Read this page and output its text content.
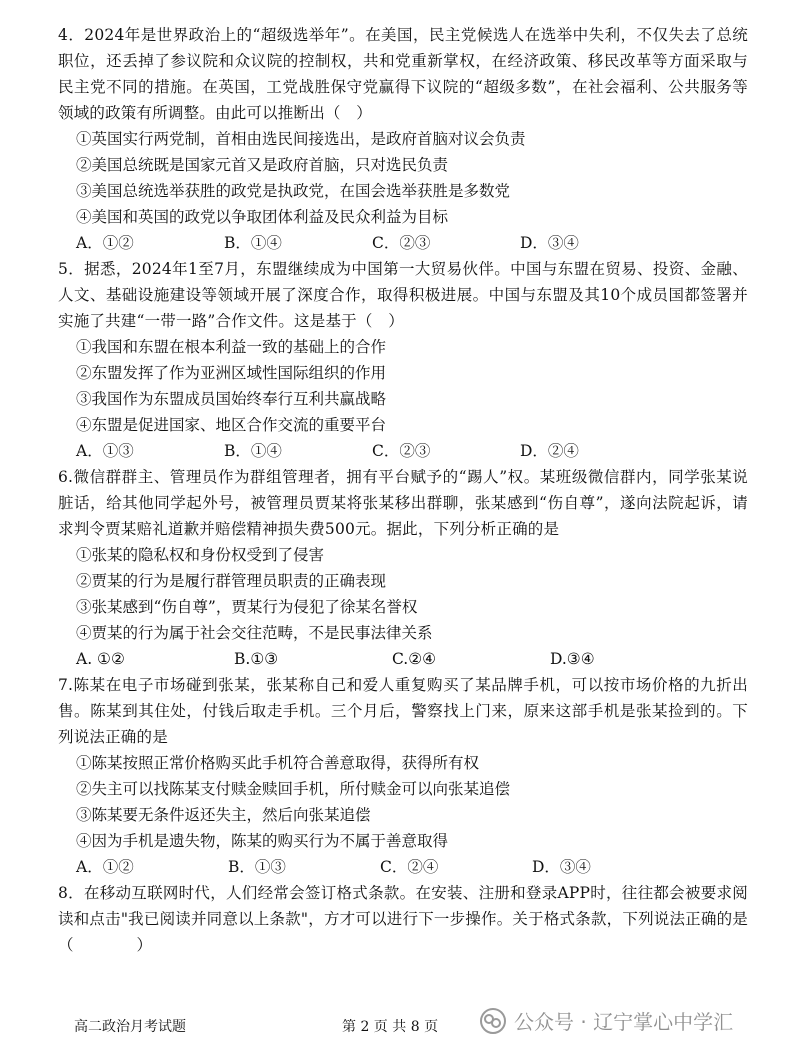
4．2024年是世界政治上的“超级选举年”。在美国，民主党候选人在选举中失利，不仅失去了总统职位，还丢掉了参议院和众议院的控制权，共和党重新掌权，在经济政策、移民改革等方面采取与民主党不同的措施。在英国，工党战胜保守党赢得下议院的“超级多数”，在社会福利、公共服务等领域的政策有所调整。由此可以推断出（　）

①英国实行两党制，首相由选民间接选出，是政府首脑对议会负责

②美国总统既是国家元首又是政府首脑，只对选民负责

③美国总统选举获胜的政党是执政党，在国会选举获胜是多数党

④美国和英国的政党以争取团体利益及民众利益为目标

A．①②	B．①④	C．②③	D．③④

5．据悉，2024年1至7月，东盟继续成为中国第一大贸易伙伴。中国与东盟在贸易、投资、金融、人文、基础设施建设等领域开展了深度合作，取得积极进展。中国与东盟及其10个成员国都签署并实施了共建“一带一路”合作文件。这是基于（　）

①我国和东盟在根本利益一致的基础上的合作

②东盟发挥了作为亚洲区域性国际组织的作用

③我国作为东盟成员国始终奉行互利共赢战略

④东盟是促进国家、地区合作交流的重要平台

A．①③	B．①④	C．②③	D．②④

6.微信群群主、管理员作为群组管理者，拥有平台赋予的“踢人”权。某班级微信群内，同学张某说脏话，给其他同学起外号，被管理员贾某将张某移出群聊，张某感到“伤自尊”，遂向法院起诉，请求判令贾某赔礼道歉并赔偿精神损失费500元。据此，下列分析正确的是

①张某的隐私权和身份权受到了侵害

②贾某的行为是履行群管理员职责的正确表现

③张某感到“伤自尊”，贾某行为侵犯了徐某名誉权

④贾某的行为属于社会交往范畴，不是民事法律关系

A. ①②	B.①③	C.②④	D.③④

7.陈某在电子市场碰到张某，张某称自己和爱人重复购买了某品牌手机，可以按市场价格的九折出售。陈某到其住处，付钱后取走手机。三个月后，警察找上门来，原来这部手机是张某捡到的。下列说法正确的是

①陈某按照正常价格购买此手机符合善意取得，获得所有权

②失主可以找陈某支付赎金赎回手机，所付赎金可以向张某追偿

③陈某要无条件返还失主，然后向张某追偿

④因为手机是遗失物，陈某的购买行为不属于善意取得

A．①②	B．①③	C．②④	D．③④

8．在移动互联网时代，人们经常会签订格式条款。在安装、注册和登录APP时，往往都会被要求阅读和点击"我已阅读并同意以上条款"，方才可以进行下一步操作。关于格式条款，下列说法正确的是（　　　　）

高二政治月考试题	第 2 页 共 8 页	公众号 · 辽宁掌心中学汇
